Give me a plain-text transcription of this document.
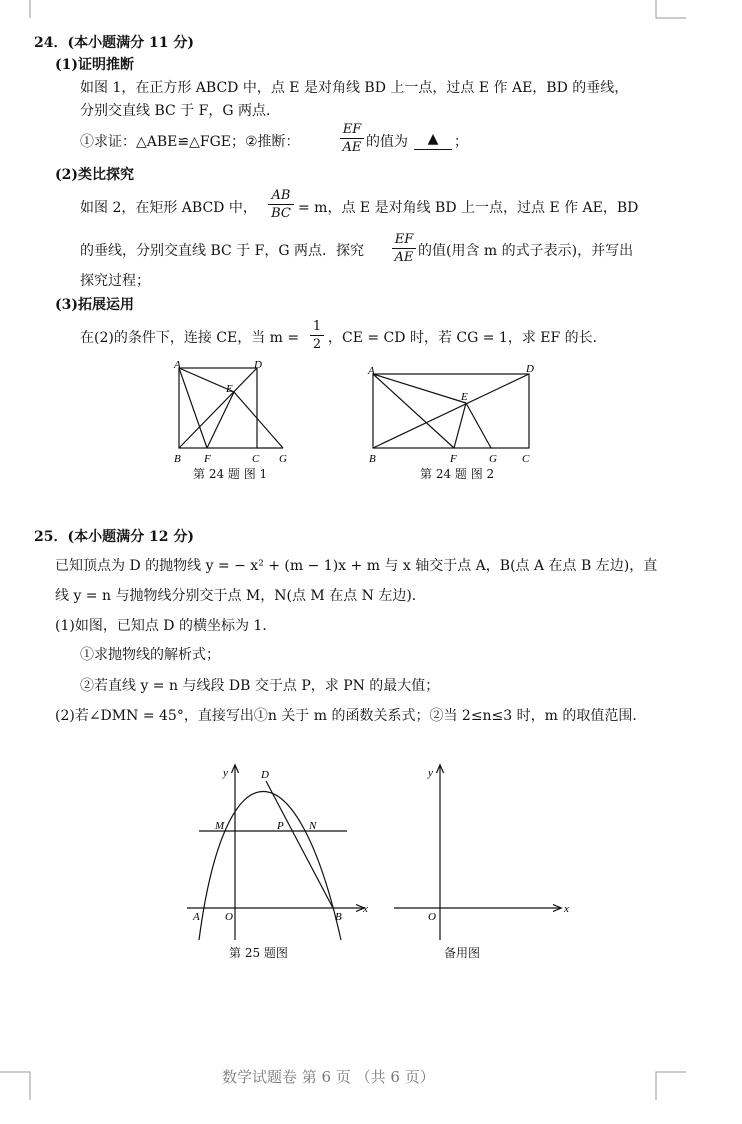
24．(本小题满分 11 分)
(1)证明推断
如图 1，在正方形 ABCD 中，点 E 是对角线 BD 上一点，过点 E 作 AE，BD 的垂线，
分别交直线 BC 于 F，G 两点．
①求证：△ABE≌△FGE；②推断：
EF
AE 的值为	▲	；
(2)类比探究
如图 2，在矩形 ABCD 中，
AB
BC = m，点 E 是对角线 BD 上一点，过点 E 作 AE，BD
的垂线，分别交直线 BC 于 F，G 两点．探究
EF
AE 的值(用含 m 的式子表示)，并写出
探究过程；
(3)拓展运用
在(2)的条件下，连接 CE，当 m =
1
2 ，CE = CD 时，若 CG = 1，求 EF 的长．
A	D
E
B F	C G
第 24 题 图 1
A	D
E
B	F	G C
第 24 题 图 2
25．(本小题满分 12 分)
已知顶点为 D 的抛物线 y = − x² + (m − 1)x + m 与 x 轴交于点 A，B(点 A 在点 B 左边)，直
线 y = n 与抛物线分别交于点 M，N(点 M 在点 N 左边)．
(1)如图，已知点 D 的横坐标为 1．
①求抛物线的解析式；
②若直线 y = n 与线段 DB 交于点 P，求 PN 的最大值；
(2)若∠DMN = 45°，直接写出①n 关于 m 的函数关系式；②当 2≤n≤3 时，m 的取值范围．
x
y
A O	B
D
M	P N
第 25 题图
x
y
O
备用图
数学试题卷 第 6 页 （共 6 页）
